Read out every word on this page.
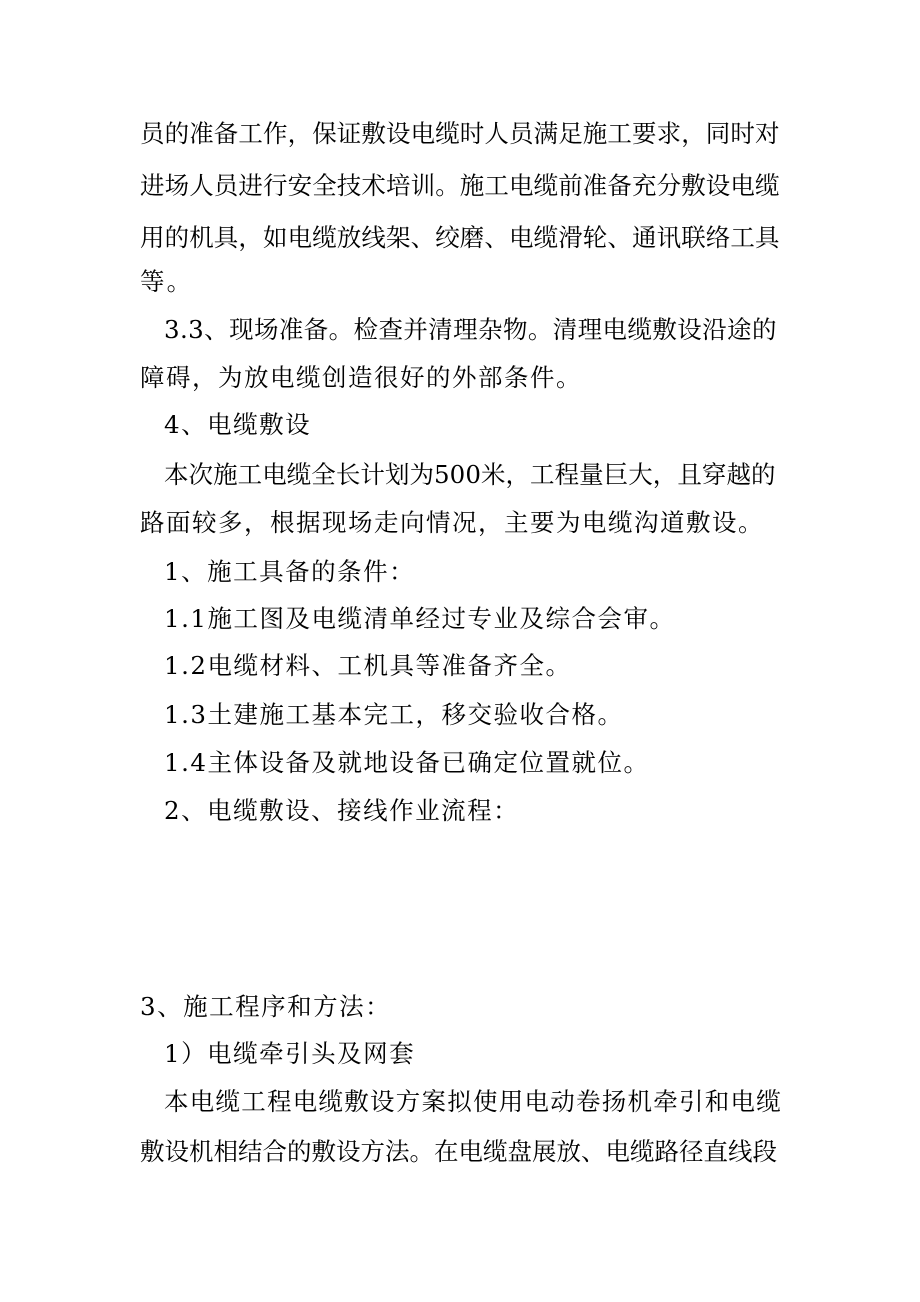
员的准备工作，保证敷设电缆时人员满足施工要求，同时对
进场人员进行安全技术培训。施工电缆前准备充分敷设电缆
用的机具，如电缆放线架、绞磨、电缆滑轮、通讯联络工具
等。
3.3、现场准备。检查并清理杂物。清理电缆敷设沿途的
障碍，为放电缆创造很好的外部条件。
4、电缆敷设
本次施工电缆全长计划为500米，工程量巨大，且穿越的
路面较多，根据现场走向情况，主要为电缆沟道敷设。
1、施工具备的条件：
1.1施工图及电缆清单经过专业及综合会审。
1.2电缆材料、工机具等准备齐全。
1.3土建施工基本完工，移交验收合格。
1.4主体设备及就地设备已确定位置就位。
2、电缆敷设、接线作业流程：
3、施工程序和方法：
1）电缆牵引头及网套
本电缆工程电缆敷设方案拟使用电动卷扬机牵引和电缆
敷设机相结合的敷设方法。在电缆盘展放、电缆路径直线段
